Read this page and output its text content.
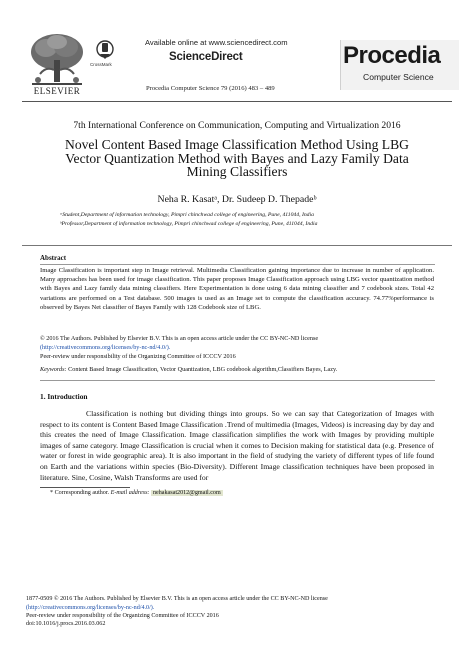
ELSEVIER
CrossMark
Available online at www.sciencedirect.com
ScienceDirect
Procedia Computer Science 79 (2016) 483 – 489
Procedia
Computer Science
7th International Conference on Communication, Computing and Virtualization 2016
Novel Content Based Image Classification Method Using LBG
Vector Quantization Method with Bayes and Lazy Family Data
Mining Classifiers
Neha R. Kasatᵃ, Dr. Sudeep D. Thepadeᵇ
ᵃStudent,Department of information technology, Pimpri chinchwad college of engineering, Pune, 411044, India
ᵇProfessor,Department of information technology, Pimpri chinchwad college of engineering, Pune, 411044, India
Abstract
Image Classification is important step in Image retrieval. Multimedia Classification gaining importance due to increase in number of application. Many approaches has been used for image classification. This paper proposes Image Classification approach using LBG vector quantization method with Bayes and Lazy family data mining classifiers. Here Experimentation is done using 6 data mining classifier and 7 codebook sizes. Total 42 variations are performed on a Test database. 500 images is used as an Image set to compute the classification accuracy. 74.77%performance is observed by Bayes Net classifier of Bayes Family with 128 Codebook size of LBG.
© 2016 The Authors. Published by Elsevier B.V. This is an open access article under the CC BY-NC-ND license
(http://creativecommons.org/licenses/by-nc-nd/4.0/).
Peer-review under responsibility of the Organizing Committee of ICCCV 2016
Keywords: Content Based Image Classification, Vector Quantization, LBG codebook algorithm,Classifiers Bayes, Lazy.
1. Introduction
Classification is nothing but dividing things into groups. So we can say that Categorization of Images with respect to its content is Content Based Image Classification .Trend of multimedia (Images, Videos) is increasing day by day and this creates the need of Image Classification. Image classification simplifies the work with Images by providing multiple images of same category. Image Classification is crucial when it comes to Decision making for statistical data (e.g. Presence of water or forest in wide geographic area). It is also important in the field of studying the variety of different types of life found on Earth and the variations within species (Bio-Diversity). Different Image classification techniques have been proposed in literature. Sine, Cosine, Walsh Transforms are used for
* Corresponding author. E-mail address: nehakasat2012@gmail.com
1877-0509 © 2016 The Authors. Published by Elsevier B.V. This is an open access article under the CC BY-NC-ND license
(http://creativecommons.org/licenses/by-nc-nd/4.0/).
Peer-review under responsibility of the Organizing Committee of ICCCV 2016
doi:10.1016/j.procs.2016.03.062
